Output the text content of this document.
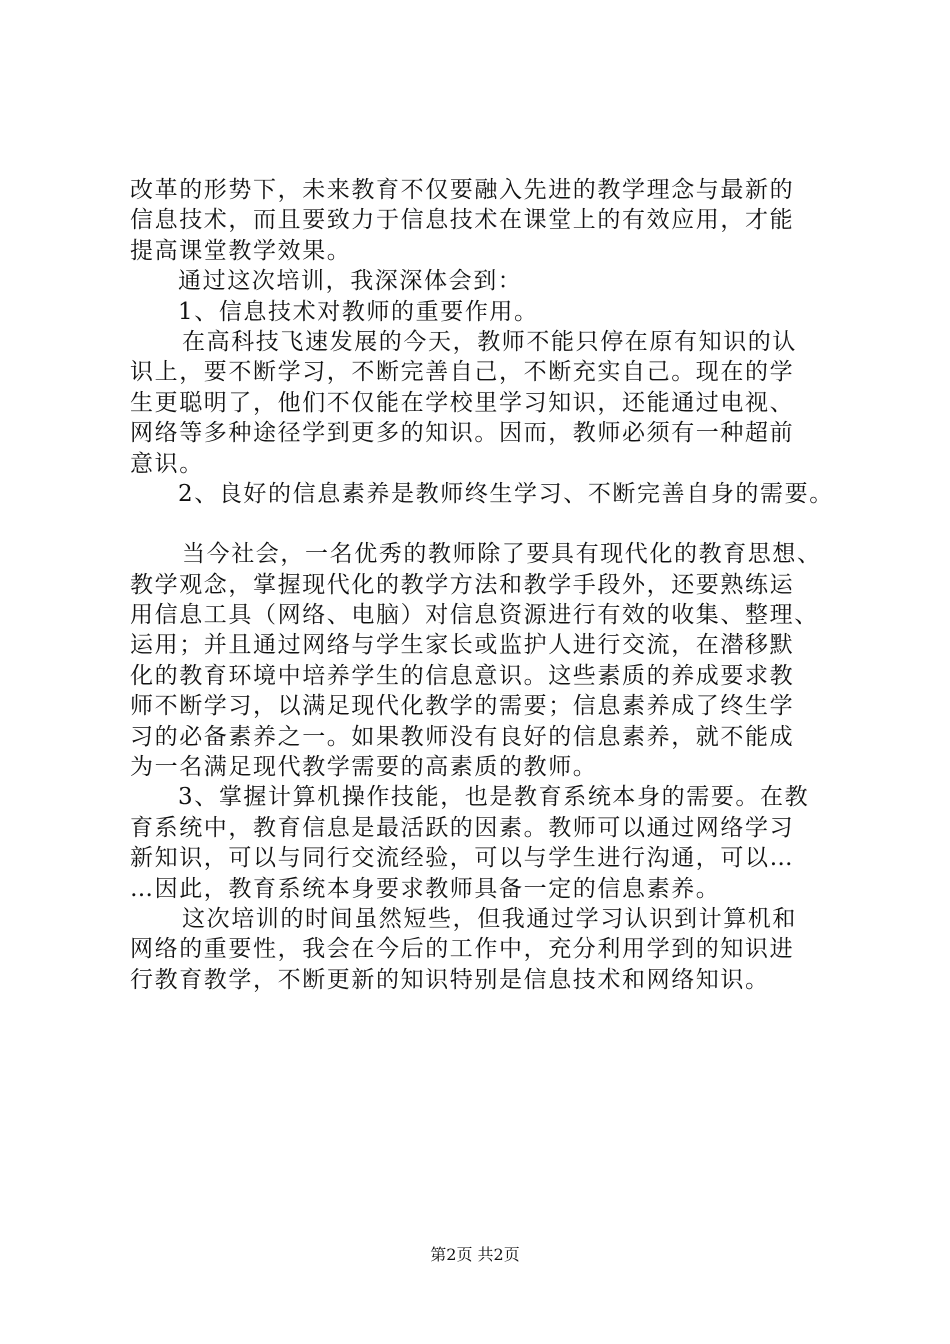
改革的形势下，未来教育不仅要融入先进的教学理念与最新的
信息技术，而且要致力于信息技术在课堂上的有效应用，才能
提高课堂教学效果。
通过这次培训，我深深体会到：
1、信息技术对教师的重要作用。
在高科技飞速发展的今天，教师不能只停在原有知识的认
识上，要不断学习，不断完善自己，不断充实自己。现在的学
生更聪明了，他们不仅能在学校里学习知识，还能通过电视、
网络等多种途径学到更多的知识。因而，教师必须有一种超前
意识。
2、良好的信息素养是教师终生学习、不断完善自身的需要。
当今社会，一名优秀的教师除了要具有现代化的教育思想、
教学观念，掌握现代化的教学方法和教学手段外，还要熟练运
用信息工具（网络、电脑）对信息资源进行有效的收集、整理、
运用；并且通过网络与学生家长或监护人进行交流，在潜移默
化的教育环境中培养学生的信息意识。这些素质的养成要求教
师不断学习，以满足现代化教学的需要；信息素养成了终生学
习的必备素养之一。如果教师没有良好的信息素养，就不能成
为一名满足现代教学需要的高素质的教师。
3、掌握计算机操作技能，也是教育系统本身的需要。在教
育系统中，教育信息是最活跃的因素。教师可以通过网络学习
新知识，可以与同行交流经验，可以与学生进行沟通，可以…
…因此，教育系统本身要求教师具备一定的信息素养。
这次培训的时间虽然短些，但我通过学习认识到计算机和
网络的重要性，我会在今后的工作中，充分利用学到的知识进
行教育教学，不断更新的知识特别是信息技术和网络知识。
第2页 共2页
